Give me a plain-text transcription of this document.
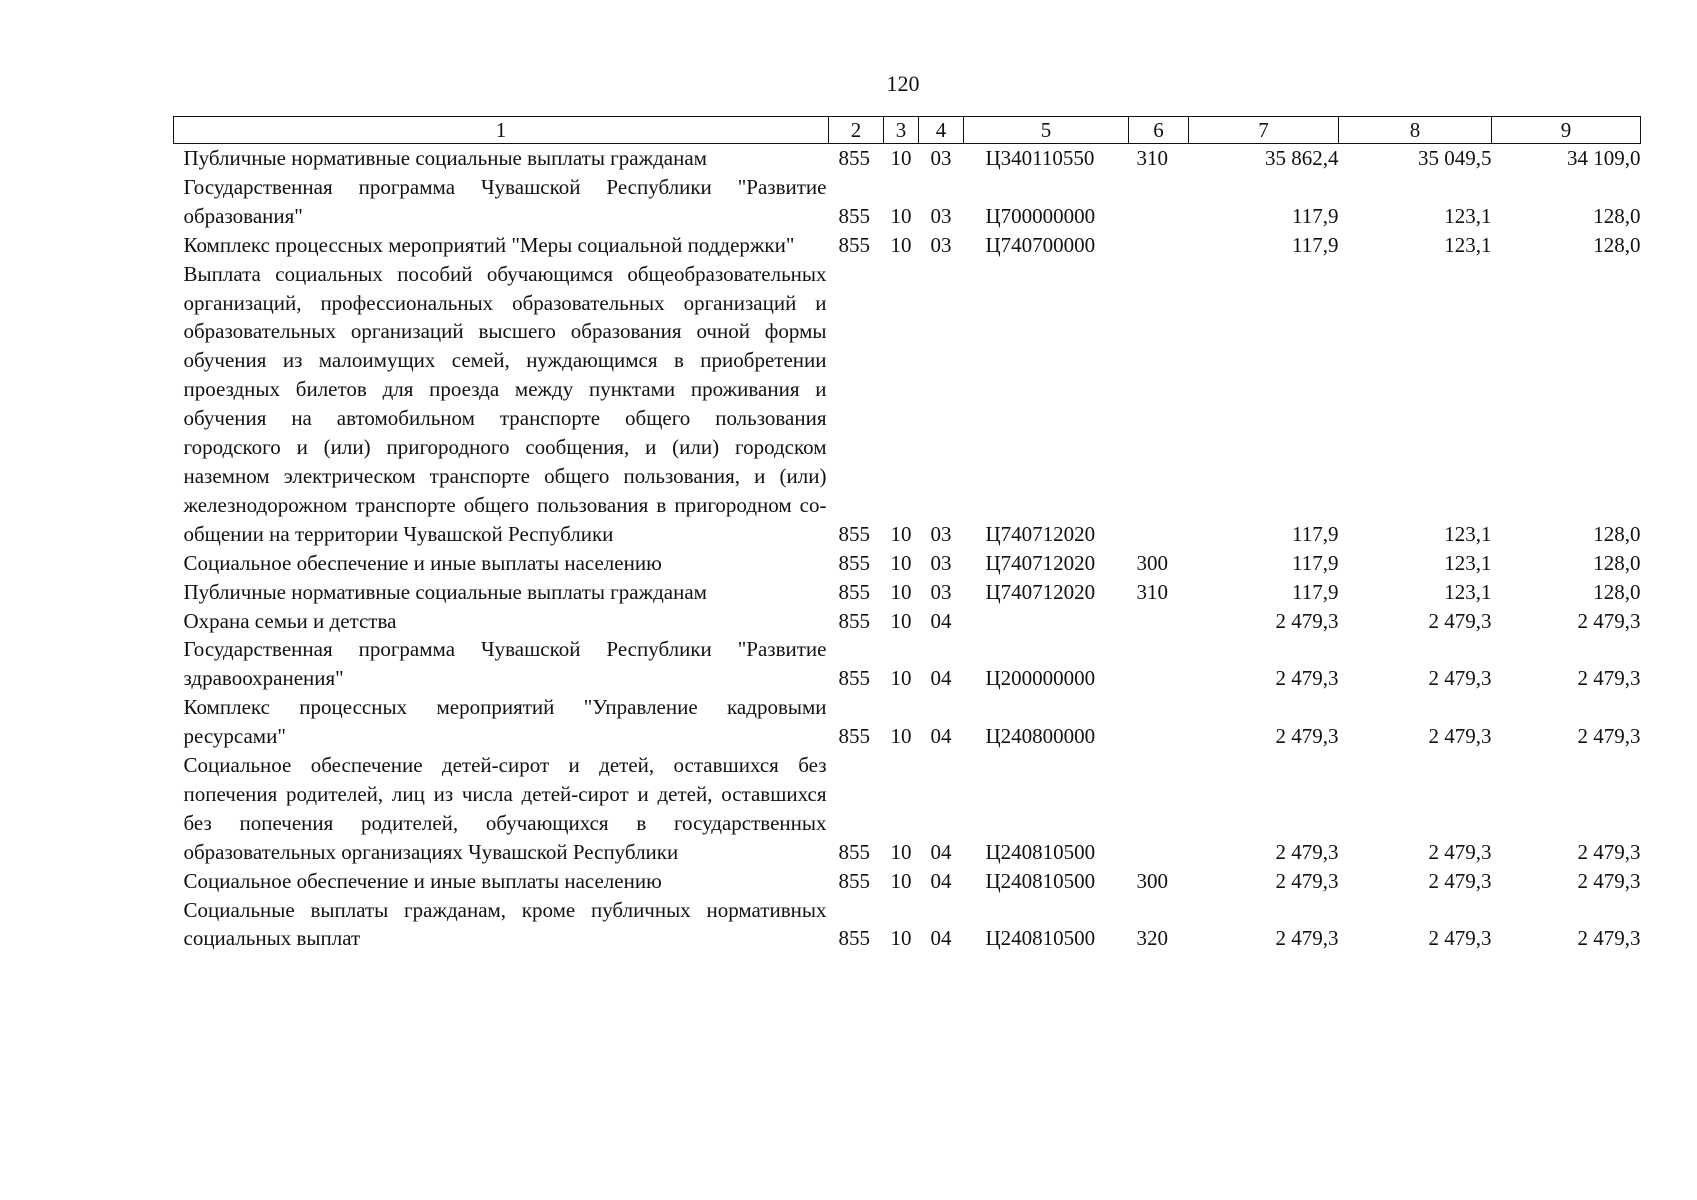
120
1	2	3	4	5	6	7	8	9
Публичные нормативные социальные выплаты гражданам	855	10	03	Ц340110550	310	35 862,4	35 049,5	34 109,0
Государственная программа Чувашской Республики "Развитие образования"	855	10	03	Ц700000000		117,9	123,1	128,0
Комплекс процессных мероприятий "Меры социальной поддержки"	855	10	03	Ц740700000		117,9	123,1	128,0
Выплата социальных пособий обучающимся общеобразовательных организаций, профессиональных образовательных организаций и образовательных организаций высшего образования очной формы обучения из малоимущих семей, нуждающимся в приобретении проездных билетов для проезда между пунктами проживания и обучения на автомобильном транспорте общего пользования городского и (или) пригородного сообщения, и (или) городском наземном электрическом транспорте общего пользования, и (или) железнодорожном транспорте общего пользования в пригородном сообщении на территории Чувашской Республики	855	10	03	Ц740712020		117,9	123,1	128,0
Социальное обеспечение и иные выплаты населению	855	10	03	Ц740712020	300	117,9	123,1	128,0
Публичные нормативные социальные выплаты гражданам	855	10	03	Ц740712020	310	117,9	123,1	128,0
Охрана семьи и детства	855	10	04			2 479,3	2 479,3	2 479,3
Государственная программа Чувашской Республики "Развитие здравоохранения"	855	10	04	Ц200000000		2 479,3	2 479,3	2 479,3
Комплекс процессных мероприятий "Управление кадровыми ресурсами"	855	10	04	Ц240800000		2 479,3	2 479,3	2 479,3
Социальное обеспечение детей-сирот и детей, оставшихся без попечения родителей, лиц из числа детей-сирот и детей, оставшихся без попечения родителей, обучающихся в государственных образовательных организациях Чувашской Республики	855	10	04	Ц240810500		2 479,3	2 479,3	2 479,3
Социальное обеспечение и иные выплаты населению	855	10	04	Ц240810500	300	2 479,3	2 479,3	2 479,3
Социальные выплаты гражданам, кроме публичных нормативных социальных выплат	855	10	04	Ц240810500	320	2 479,3	2 479,3	2 479,3
